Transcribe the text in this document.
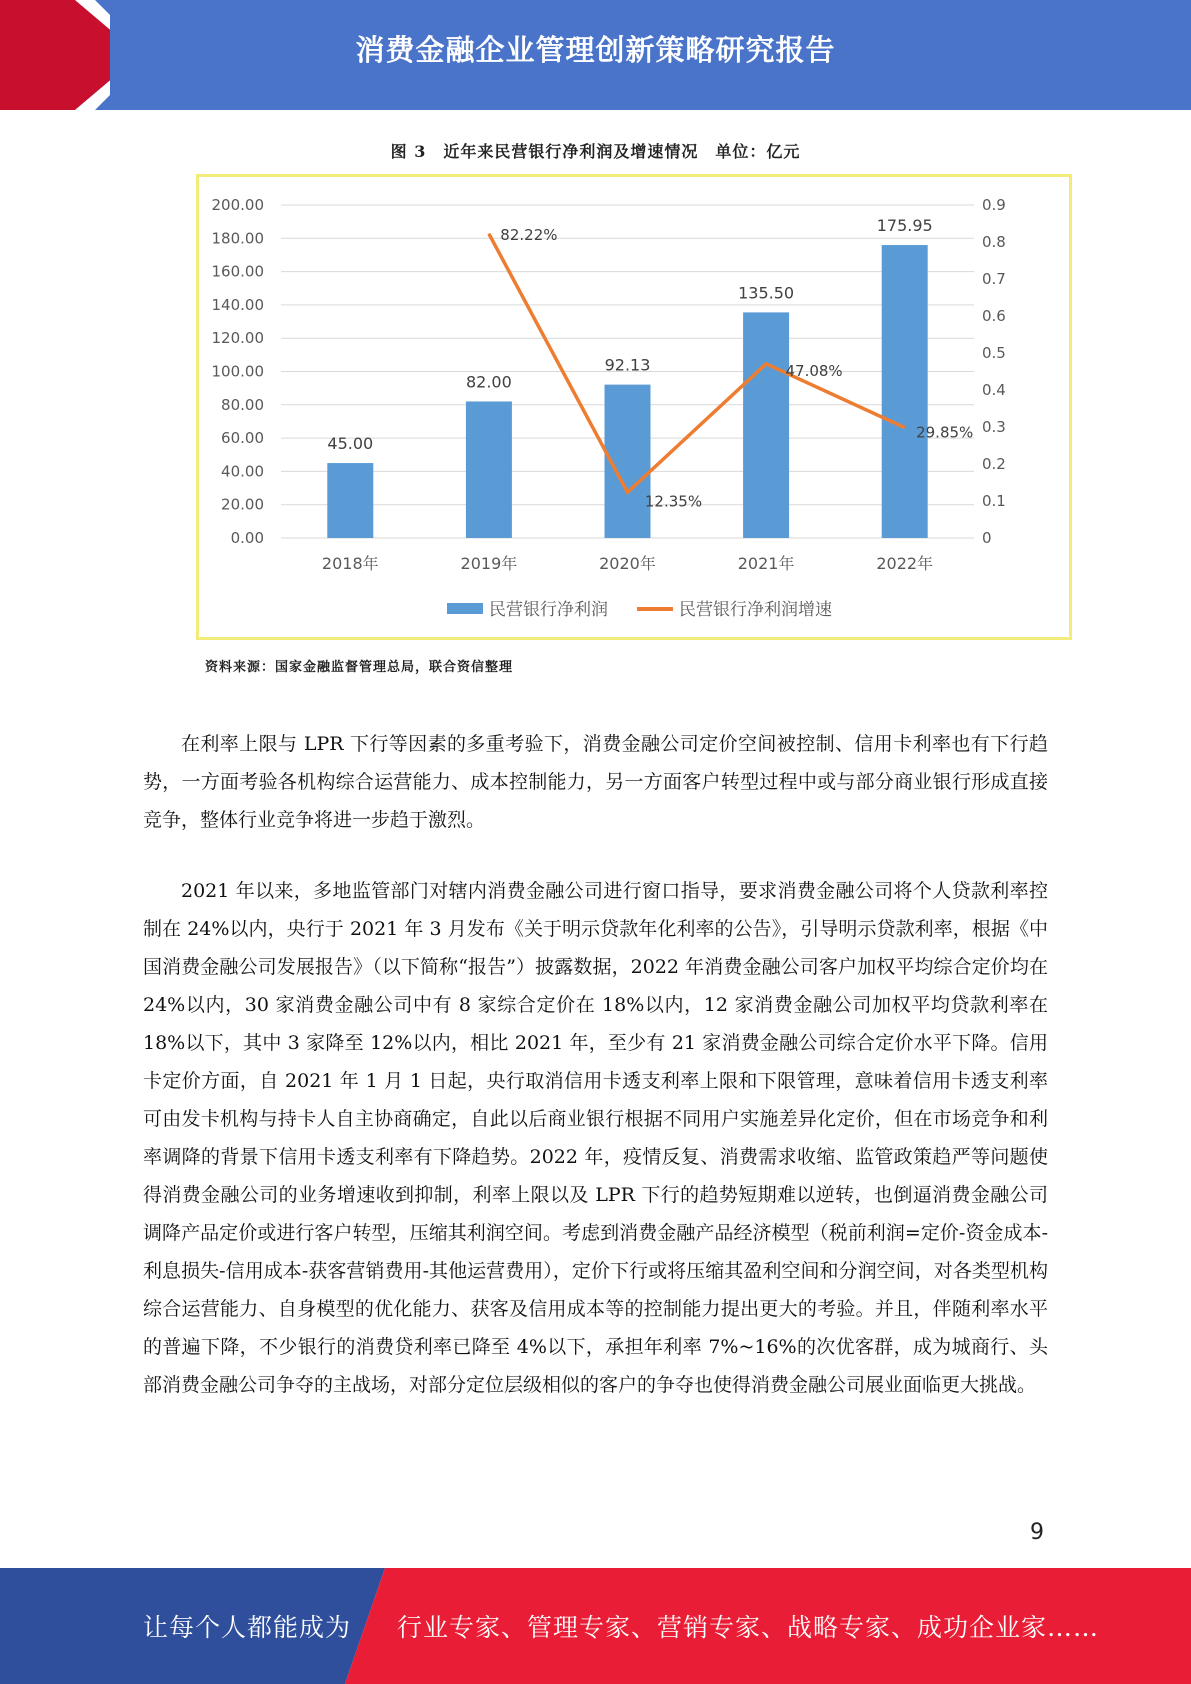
消费金融企业管理创新策略研究报告
图 3　近年来民营银行净利润及增速情况　单位：亿元
0.00
20.00
40.00
60.00
80.00
100.00
120.00
140.00
160.00
180.00
200.00
0
0.1
0.2
0.3
0.4
0.5
0.6
0.7
0.8
0.9
45.00
82.00
92.13
135.50
175.95
2018年	2019年	2020年	2021年	2022年
82.22%
12.35%
47.08%
29.85%
民营银行净利润	民营银行净利润增速
资料来源：国家金融监督管理总局，联合资信整理

在利率上限与 LPR 下行等因素的多重考验下，消费金融公司定价空间被控制、信用卡利率也有下行趋势，一方面考验各机构综合运营能力、成本控制能力，另一方面客户转型过程中或与部分商业银行形成直接竞争，整体行业竞争将进一步趋于激烈。

2021 年以来，多地监管部门对辖内消费金融公司进行窗口指导，要求消费金融公司将个人贷款利率控制在 24%以内，央行于 2021 年 3 月发布《关于明示贷款年化利率的公告》，引导明示贷款利率，根据《中国消费金融公司发展报告》（以下简称“报告”）披露数据，2022 年消费金融公司客户加权平均综合定价均在 24%以内，30 家消费金融公司中有 8 家综合定价在 18%以内，12 家消费金融公司加权平均贷款利率在 18%以下，其中 3 家降至 12%以内，相比 2021 年，至少有 21 家消费金融公司综合定价水平下降。信用卡定价方面，自 2021 年 1 月 1 日起，央行取消信用卡透支利率上限和下限管理，意味着信用卡透支利率可由发卡机构与持卡人自主协商确定，自此以后商业银行根据不同用户实施差异化定价，但在市场竞争和利率调降的背景下信用卡透支利率有下降趋势。2022 年，疫情反复、消费需求收缩、监管政策趋严等问题使得消费金融公司的业务增速收到抑制，利率上限以及 LPR 下行的趋势短期难以逆转，也倒逼消费金融公司调降产品定价或进行客户转型，压缩其利润空间。考虑到消费金融产品经济模型（税前利润=定价-资金成本-利息损失-信用成本-获客营销费用-其他运营费用），定价下行或将压缩其盈利空间和分润空间，对各类型机构综合运营能力、自身模型的优化能力、获客及信用成本等的控制能力提出更大的考验。并且，伴随利率水平的普遍下降，不少银行的消费贷利率已降至 4%以下，承担年利率 7%~16%的次优客群，成为城商行、头部消费金融公司争夺的主战场，对部分定位层级相似的客户的争夺也使得消费金融公司展业面临更大挑战。

9
让每个人都能成为 行业专家、管理专家、营销专家、战略专家、成功企业家……
